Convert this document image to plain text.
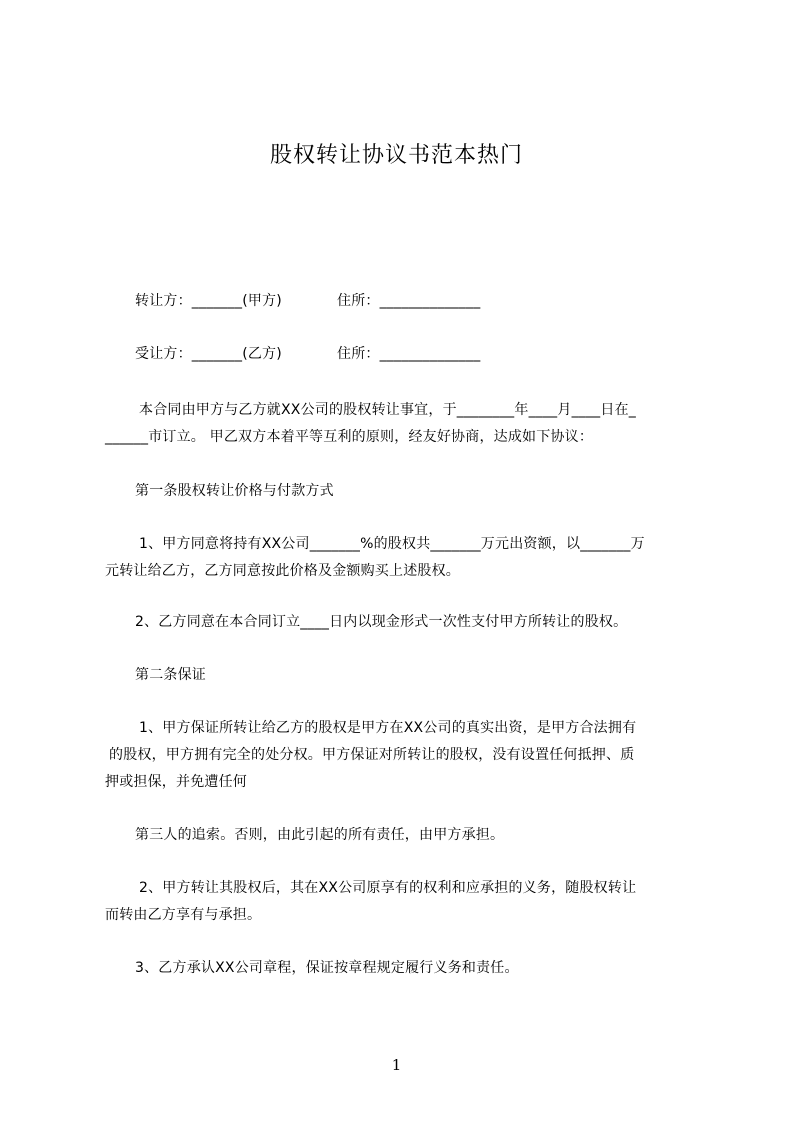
股权转让协议书范本热门
转让方：_______(甲方)	住所：______________
受让方：_______(乙方)	住所：______________
本合同由甲方与乙方就XX公司的股权转让事宜，于________年____月____日在_
______市订立。 甲乙双方本着平等互利的原则，经友好协商，达成如下协议：
第一条股权转让价格与付款方式
1、甲方同意将持有XX公司_______%的股权共_______万元出资额，以_______万
元转让给乙方，乙方同意按此价格及金额购买上述股权。
2、乙方同意在本合同订立____日内以现金形式一次性支付甲方所转让的股权。
第二条保证
1、甲方保证所转让给乙方的股权是甲方在XX公司的真实出资，是甲方合法拥有
的股权，甲方拥有完全的处分权。甲方保证对所转让的股权，没有设置任何抵押、质
押或担保，并免遭任何
第三人的追索。否则，由此引起的所有责任，由甲方承担。
2、甲方转让其股权后，其在XX公司原享有的权利和应承担的义务，随股权转让
而转由乙方享有与承担。
3、乙方承认XX公司章程，保证按章程规定履行义务和责任。
1
